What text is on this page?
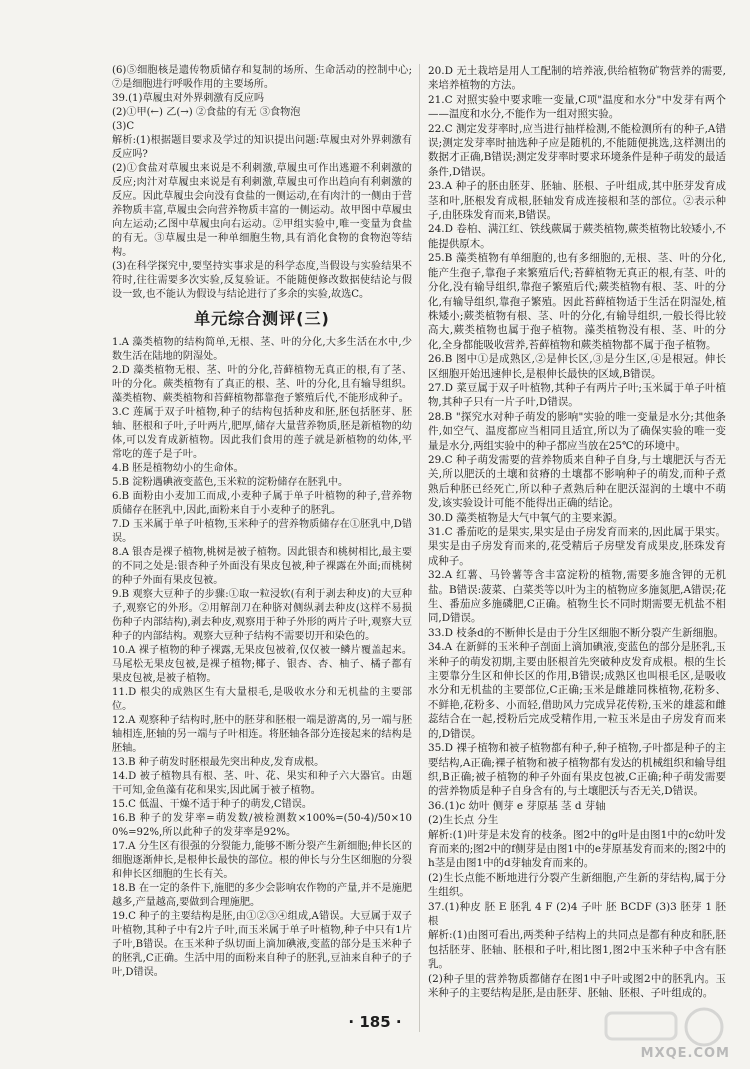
(6)⑤细胞核是遗传物质储存和复制的场所、生命活动的控制中心;⑦是细胞进行呼吸作用的主要场所。

39.(1)草履虫对外界刺激有反应吗

(2)①甲(←) 乙(→) ②食盐的有无 ③食物泡

(3)C

解析:(1)根据题目要求及学过的知识提出问题:草履虫对外界刺激有反应吗?

(2)①食盐对草履虫来说是不利刺激,草履虫可作出逃避不利刺激的反应;肉汁对草履虫来说是有利刺激,草履虫可作出趋向有利刺激的反应。因此草履虫会向没有食盐的一侧运动,在有肉汁的一侧由于营养物质丰富,草履虫会向营养物质丰富的一侧运动。故甲图中草履虫向左运动;乙图中草履虫向右运动。②甲组实验中,唯一变量为食盐的有无。③草履虫是一种单细胞生物,具有消化食物的食物泡等结构。

(3)在科学探究中,要坚持实事求是的科学态度,当假设与实验结果不符时,往往需要多次实验,反复验证。不能随便修改数据使结论与假设一致,也不能认为假设与结论进行了多余的实验,故选C。

单元综合测评(三)

1.A 藻类植物的结构简单,无根、茎、叶的分化,大多生活在水中,少数生活在陆地的阴湿处。

2.D 藻类植物无根、茎、叶的分化,苔藓植物无真正的根,有了茎、叶的分化。蕨类植物有了真正的根、茎、叶的分化,且有输导组织。藻类植物、蕨类植物和苔藓植物都靠孢子繁殖后代,不能形成种子。

3.C 莲属于双子叶植物,种子的结构包括种皮和胚,胚包括胚芽、胚轴、胚根和子叶,子叶两片,肥厚,储存大量营养物质,胚是新植物的幼体,可以发育成新植物。因此我们食用的莲子就是新植物的幼体,平常吃的莲子是子叶。

4.B 胚是植物幼小的生命体。

5.B 淀粉遇碘液变蓝色,玉米粒的淀粉储存在胚乳中。

6.B 面粉由小麦加工而成,小麦种子属于单子叶植物的种子,营养物质储存在胚乳中,因此,面粉来自于小麦种子的胚乳。

7.D 玉米属于单子叶植物,玉米种子的营养物质储存在①胚乳中,D错误。

8.A 银杏是裸子植物,桃树是被子植物。因此银杏和桃树相比,最主要的不同之处是:银杏种子外面没有果皮包被,种子裸露在外面;而桃树的种子外面有果皮包被。

9.B 观察大豆种子的步骤:①取一粒浸软(有利于剥去种皮)的大豆种子,观察它的外形。②用解剖刀在种脐对侧纵剥去种皮(这样不易损伤种子内部结构),剥去种皮,观察用于种子外形的两片子叶,观察大豆种子的内部结构。观察大豆种子结构不需要切开和染色的。

10.A 裸子植物的种子裸露,无果皮包被着,仅仅被一鳞片覆盖起来。马尾松无果皮包被,是裸子植物;椰子、银杏、杏、柚子、橘子都有果皮包被,是被子植物。

11.D 根尖的成熟区生有大量根毛,是吸收水分和无机盐的主要部位。

12.A 观察种子结构时,胚中的胚芽和胚根一端是游离的,另一端与胚轴相连,胚轴的另一端与子叶相连。将胚轴各部分连接起来的结构是胚轴。

13.B 种子萌发时胚根最先突出种皮,发育成根。

14.D 被子植物具有根、茎、叶、花、果实和种子六大器官。由题干可知,金鱼藻有花和果实,因此属于被子植物。

15.C 低温、干燥不适于种子的萌发,C错误。

16.B 种子的发芽率=萌发数/被检测数×100%=(50-4)/50×100%=92%,所以此种子的发芽率是92%。

17.A 分生区有很强的分裂能力,能够不断分裂产生新细胞;伸长区的细胞逐渐伸长,是根伸长最快的部位。根的伸长与分生区细胞的分裂和伸长区细胞的生长有关。

18.B 在一定的条件下,施肥的多少会影响农作物的产量,并不是施肥越多,产量越高,要做到合理施肥。

19.C 种子的主要结构是胚,由①②③④组成,A错误。大豆属于双子叶植物,其种子中有2片子叶,而玉米属于单子叶植物,种子中只有1片子叶,B错误。在玉米种子纵切面上滴加碘液,变蓝的部分是玉米种子的胚乳,C正确。生活中用的面粉来自种子的胚乳,豆油来自种子的子叶,D错误。

20.D 无土栽培是用人工配制的培养液,供给植物矿物营养的需要,来培养植物的方法。

21.C 对照实验中要求唯一变量,C项"温度和水分"中发芽有两个——温度和水分,不能作为一组对照实验。

22.C 测定发芽率时,应当进行抽样检测,不能检测所有的种子,A错误;测定发芽率时抽选种子应是随机的,不能随便挑选,这样测出的数据才正确,B错误;测定发芽率时要求环境条件是种子萌发的最适条件,D错误。

23.A 种子的胚由胚芽、胚轴、胚根、子叶组成,其中胚芽发育成茎和叶,胚根发育成根,胚轴发育成连接根和茎的部位。②表示种子,由胚珠发育而来,B错误。

24.D 卷柏、满江红、铁线蕨属于蕨类植物,蕨类植物比较矮小,不能提供原木。

25.B 藻类植物有单细胞的,也有多细胞的,无根、茎、叶的分化,能产生孢子,靠孢子来繁殖后代;苔藓植物无真正的根,有茎、叶的分化,没有输导组织,靠孢子繁殖后代;蕨类植物有根、茎、叶的分化,有输导组织,靠孢子繁殖。因此苔藓植物适于生活在阴湿处,植株矮小;蕨类植物有根、茎、叶的分化,有输导组织,一般长得比较高大,蕨类植物也属于孢子植物。藻类植物没有根、茎、叶的分化,全身都能吸收营养,苔藓植物和蕨类植物都不属于孢子植物。

26.B 图中①是成熟区,②是伸长区,③是分生区,④是根冠。伸长区细胞开始迅速伸长,是根伸长最快的区域,B错误。

27.D 菜豆属于双子叶植物,其种子有两片子叶;玉米属于单子叶植物,其种子只有一片子叶,D错误。

28.B "探究水对种子萌发的影响"实验的唯一变量是水分;其他条件,如空气、温度都应当相同且适宜,所以为了确保实验的唯一变量是水分,两组实验中的种子都应当放在25℃的环境中。

29.C 种子萌发需要的营养物质来自种子自身,与土壤肥沃与否无关,所以肥沃的土壤和贫瘠的土壤都不影响种子的萌发,而种子煮熟后种胚已经死亡,所以种子煮熟后种在肥沃湿润的土壤中不萌发,该实验设计可能不能得出正确的结论。

30.D 藻类植物是大气中氧气的主要来源。

31.C 番茄吃的是果实,果实是由子房发育而来的,因此属于果实。果实是由子房发育而来的,花受精后子房壁发育成果皮,胚珠发育成种子。

32.A 红薯、马铃薯等含丰富淀粉的植物,需要多施含钾的无机盐。B错误:菠菜、白菜类等以叶为主的植物应多施氮肥,A错误;花生、番茄应多施磷肥,C正确。植物生长不同时期需要无机盐不相同,D错误。

33.D 枝条d的不断伸长是由于分生区细胞不断分裂产生新细胞。

34.A 在新鲜的玉米种子剖面上滴加碘液,变蓝色的部分是胚乳,玉米种子的萌发初期,主要由胚根首先突破种皮发育成根。根的生长主要靠分生区和伸长区的作用,B错误;成熟区也叫根毛区,是吸收水分和无机盐的主要部位,C正确;玉米是雌雄同株植物,花粉多、不鲜艳,花粉多、小而轻,借助风力完成异花传粉,玉米的雄蕊和雌蕊结合在一起,授粉后完成受精作用,一粒玉米是由子房发育而来的,D错误。

35.D 裸子植物和被子植物都有种子,种子植物,子叶都是种子的主要结构,A正确;裸子植物和被子植物都有发达的机械组织和输导组织,B正确;被子植物的种子外面有果皮包被,C正确;种子萌发需要的营养物质是种子自身含有的,与土壤肥沃与否无关,D错误。

36.(1)c 幼叶 侧芽 e 芽原基 茎 d 芽轴

(2)生长点 分生

解析:(1)叶芽是未发育的枝条。图2中的g叶是由图1中的c幼叶发育而来的;图2中的f侧芽是由图1中的e芽原基发育而来的;图2中的h茎是由图1中的d芽轴发育而来的。

(2)生长点能不断地进行分裂产生新细胞,产生新的芽结构,属于分生组织。

37.(1)种皮 胚 E 胚乳 4 F (2)4 子叶 胚 BCDF (3)3 胚芽 1 胚根

解析:(1)由图可看出,两类种子结构上的共同点是都有种皮和胚,胚包括胚芽、胚轴、胚根和子叶,相比图1,图2中玉米种子中含有胚乳。

(2)种子里的营养物质都储存在图1中子叶或图2中的胚乳内。玉米种子的主要结构是胚,是由胚芽、胚轴、胚根、子叶组成的。

· 185 ·
MXQE.COM
